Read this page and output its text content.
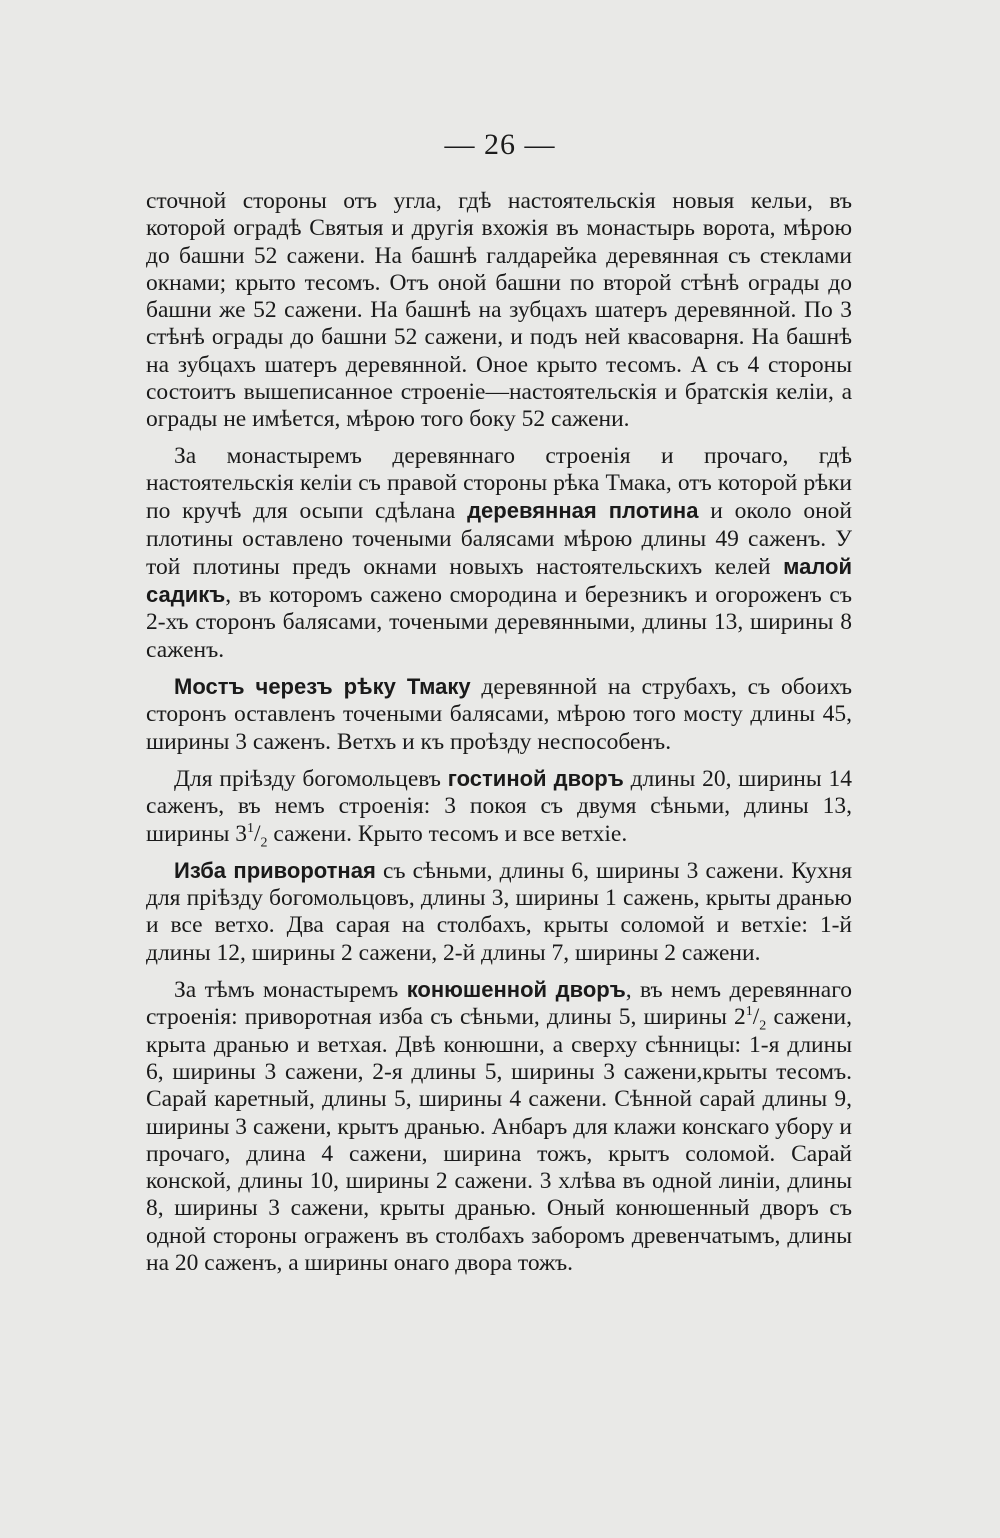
— 26 —

сточной стороны отъ угла, гдѣ настоятельскія новыя кельи, въ которой оградѣ Святыя и другія вхожія въ монастырь ворота, мѣрою до башни 52 сажени. На башнѣ галдарейка деревянная съ стеклами окнами; крыто тесомъ. Отъ оной башни по второй стѣнѣ ограды до башни же 52 сажени. На башнѣ на зубцахъ шатеръ деревянной. По 3 стѣнѣ ограды до башни 52 сажени, и подъ ней квасоварня. На башнѣ на зубцахъ шатеръ деревянной. Оное крыто тесомъ. А съ 4 стороны состоитъ вышеписанное строеніе—настоятельскія и братскія келіи, а ограды не имѣется, мѣрою того боку 52 сажени.

За монастыремъ деревяннаго строенія и прочаго, гдѣ настоятельскія келіи съ правой стороны рѣка Тмака, отъ которой рѣки по кручѣ для осыпи сдѣлана деревянная плотина и около оной плотины оставлено точеными балясами мѣрою длины 49 саженъ. У той плотины предъ окнами новыхъ настоятельскихъ келей малой садикъ, въ которомъ сажено смородина и березникъ и огороженъ съ 2-хъ сторонъ балясами, точеными деревянными, длины 13, ширины 8 саженъ.

Мостъ черезъ рѣку Тмаку деревянной на струбахъ, съ обоихъ сторонъ оставленъ точеными балясами, мѣрою того мосту длины 45, ширины 3 саженъ. Ветхъ и къ проѣзду неспособенъ.

Для пріѣзду богомольцевъ гостиной дворъ длины 20, ширины 14 саженъ, въ немъ строенія: 3 покоя съ двумя сѣньми, длины 13, ширины $3^1/_2$ сажени. Крыто тесомъ и все ветхіе.

Изба приворотная съ сѣньми, длины 6, ширины 3 сажени. Кухня для пріѣзду богомольцовъ, длины 3, ширины 1 сажень, крыты дранью и все ветхо. Два сарая на столбахъ, крыты соломой и ветхіе: 1-й длины 12, ширины 2 сажени, 2-й длины 7, ширины 2 сажени.

За тѣмъ монастыремъ конюшенной дворъ, въ немъ деревяннаго строенія: приворотная изба съ сѣньми, длины 5, ширины $2^1/_2$ сажени, крыта дранью и ветхая. Двѣ конюшни, а сверху сѣнницы: 1-я длины 6, ширины 3 сажени, 2-я длины 5, ширины 3 сажени,крыты тесомъ. Сарай каретный, длины 5, ширины 4 сажени. Сѣнной сарай длины 9, ширины 3 сажени, крытъ дранью. Анбаръ для клажи конскаго убору и прочаго, длина 4 сажени, ширина тожъ, крытъ соломой. Сарай конской, длины 10, ширины 2 сажени. 3 хлѣва въ одной линіи, длины 8, ширины 3 сажени, крыты дранью. Оный конюшенный дворъ съ одной стороны огражeнъ въ столбахъ заборомъ древенчатымъ, длины на 20 саженъ, а ширины онаго двора тожъ.
